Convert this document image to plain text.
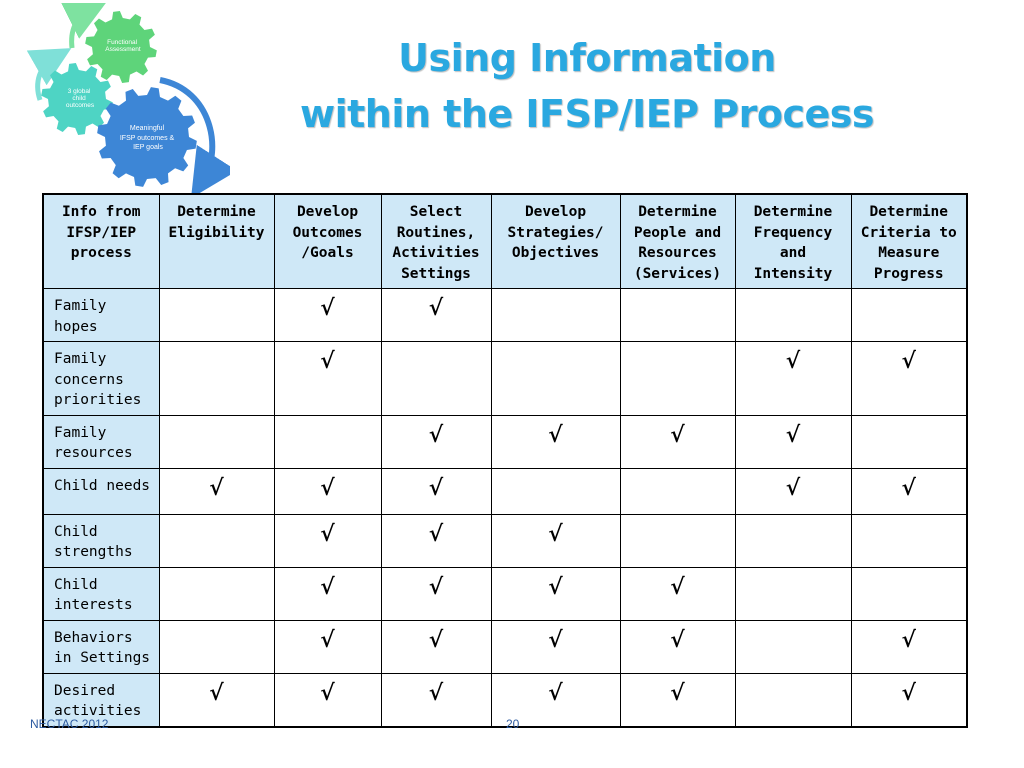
Functional Assessment
3 global child outcomes
Meaningful IFSP outcomes & IEP goals
Using Information
within the IFSP/IEP Process
Info from IFSP/IEP process	Determine Eligibility	Develop Outcomes /Goals	Select Routines, Activities Settings	Develop Strategies/ Objectives	Determine People and Resources (Services)	Determine Frequency and Intensity	Determine Criteria to Measure Progress
Family hopes		√	√				
Family concerns priorities		√				√	√
Family resources			√	√	√	√	
Child needs	√	√	√			√	√
Child strengths		√	√	√			
Child interests		√	√	√	√		
Behaviors in Settings		√	√	√	√		√
Desired activities	√	√	√	√	√		√
NECTAC 2012	20
